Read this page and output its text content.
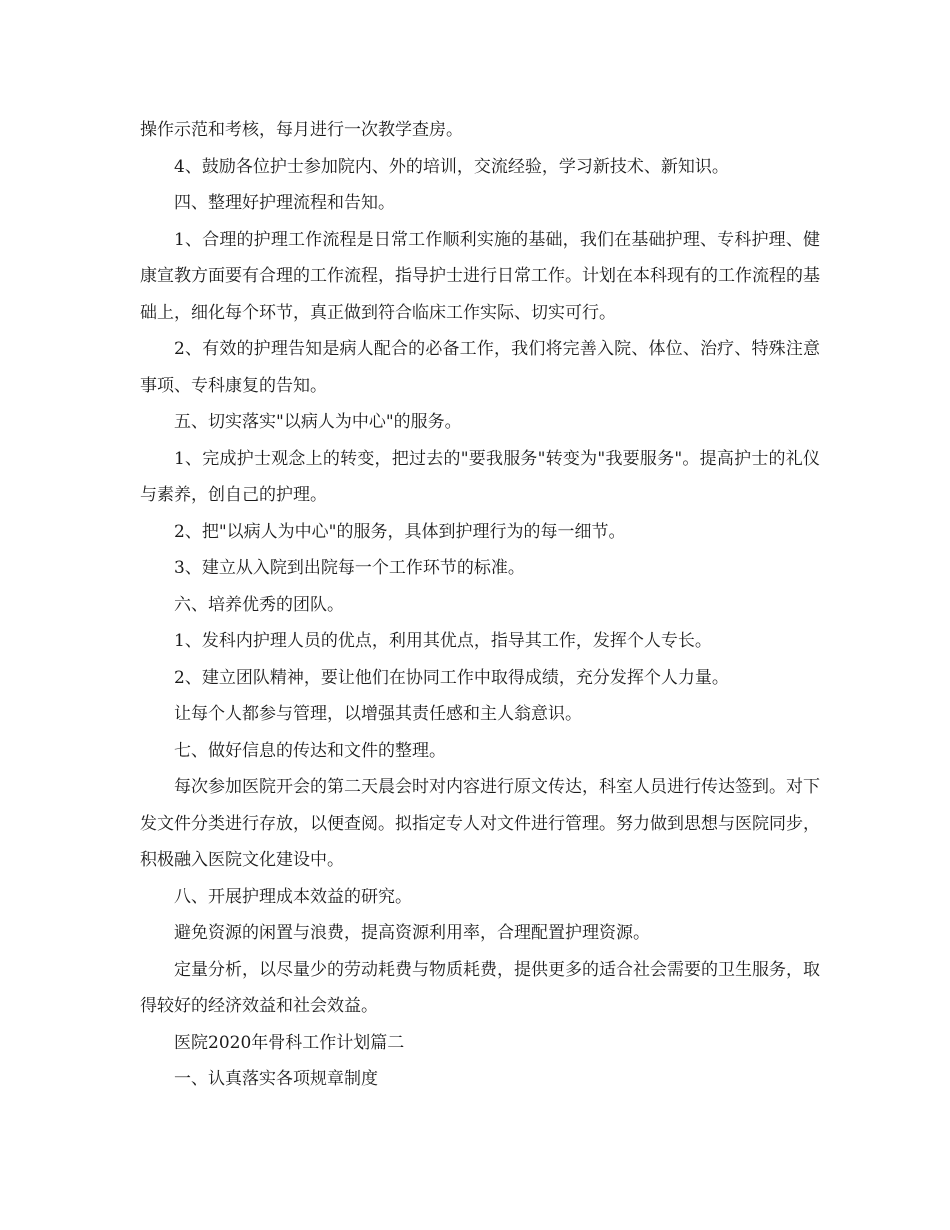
操作示范和考核，每月进行一次教学查房。

4、鼓励各位护士参加院内、外的培训，交流经验，学习新技术、新知识。

四、整理好护理流程和告知。

1、合理的护理工作流程是日常工作顺利实施的基础，我们在基础护理、专科护理、健康宣教方面要有合理的工作流程，指导护士进行日常工作。计划在本科现有的工作流程的基础上，细化每个环节，真正做到符合临床工作实际、切实可行。

2、有效的护理告知是病人配合的必备工作，我们将完善入院、体位、治疗、特殊注意事项、专科康复的告知。

五、切实落实"以病人为中心"的服务。

1、完成护士观念上的转变，把过去的"要我服务"转变为"我要服务"。提高护士的礼仪与素养，创自己的护理。

2、把"以病人为中心"的服务，具体到护理行为的每一细节。

3、建立从入院到出院每一个工作环节的标准。

六、培养优秀的团队。

1、发科内护理人员的优点，利用其优点，指导其工作，发挥个人专长。

2、建立团队精神，要让他们在协同工作中取得成绩，充分发挥个人力量。

让每个人都参与管理，以增强其责任感和主人翁意识。

七、做好信息的传达和文件的整理。

每次参加医院开会的第二天晨会时对内容进行原文传达，科室人员进行传达签到。对下发文件分类进行存放，以便查阅。拟指定专人对文件进行管理。努力做到思想与医院同步，积极融入医院文化建设中。

八、开展护理成本效益的研究。

避免资源的闲置与浪费，提高资源利用率，合理配置护理资源。

定量分析，以尽量少的劳动耗费与物质耗费，提供更多的适合社会需要的卫生服务，取得较好的经济效益和社会效益。

医院2020年骨科工作计划篇二

一、认真落实各项规章制度
